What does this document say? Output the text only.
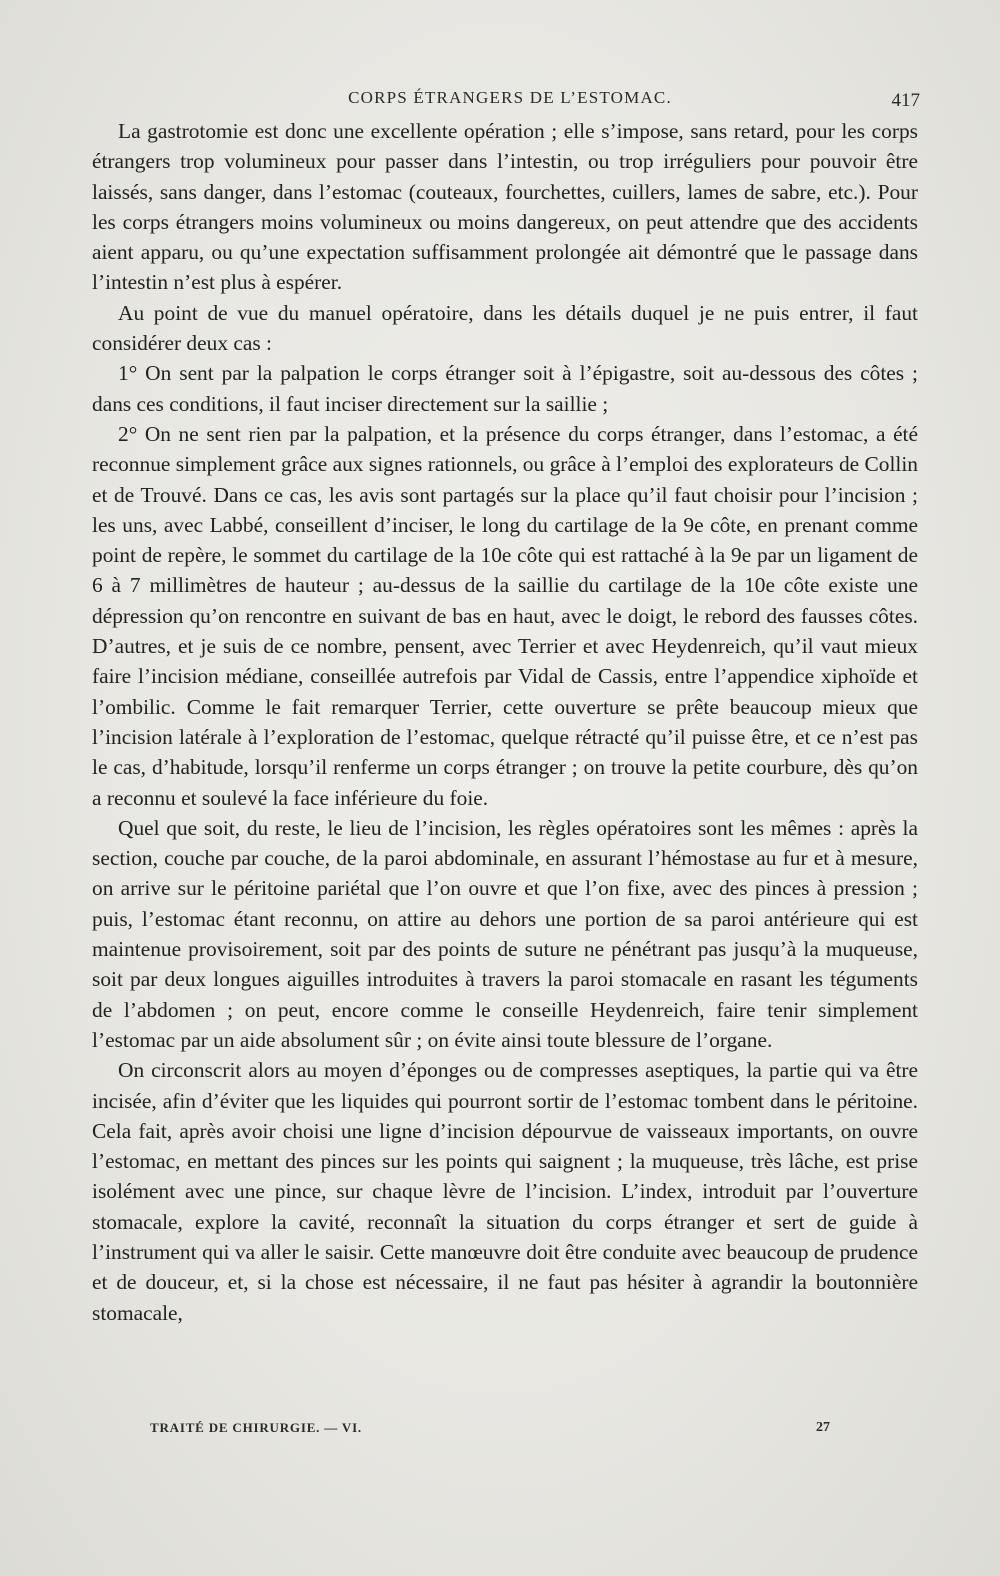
CORPS ÉTRANGERS DE L’ESTOMAC.	417

La gastrotomie est donc une excellente opération ; elle s’impose, sans retard, pour les corps étrangers trop volumineux pour passer dans l’intestin, ou trop irréguliers pour pouvoir être laissés, sans danger, dans l’estomac (couteaux, fourchettes, cuillers, lames de sabre, etc.). Pour les corps étrangers moins volumineux ou moins dangereux, on peut attendre que des accidents aient apparu, ou qu’une expectation suffisamment prolongée ait démontré que le passage dans l’intestin n’est plus à espérer.

Au point de vue du manuel opératoire, dans les détails duquel je ne puis entrer, il faut considérer deux cas :

1° On sent par la palpation le corps étranger soit à l’épigastre, soit au-dessous des côtes ; dans ces conditions, il faut inciser directement sur la saillie ;

2° On ne sent rien par la palpation, et la présence du corps étranger, dans l’estomac, a été reconnue simplement grâce aux signes rationnels, ou grâce à l’emploi des explorateurs de Collin et de Trouvé. Dans ce cas, les avis sont partagés sur la place qu’il faut choisir pour l’incision ; les uns, avec Labbé, conseillent d’inciser, le long du cartilage de la 9e côte, en prenant comme point de repère, le sommet du cartilage de la 10e côte qui est rattaché à la 9e par un ligament de 6 à 7 millimètres de hauteur ; au-dessus de la saillie du cartilage de la 10e côte existe une dépression qu’on rencontre en suivant de bas en haut, avec le doigt, le rebord des fausses côtes. D’autres, et je suis de ce nombre, pensent, avec Terrier et avec Heydenreich, qu’il vaut mieux faire l’incision médiane, conseillée autrefois par Vidal de Cassis, entre l’appendice xiphoïde et l’ombilic. Comme le fait remarquer Terrier, cette ouverture se prête beaucoup mieux que l’incision latérale à l’exploration de l’estomac, quelque rétracté qu’il puisse être, et ce n’est pas le cas, d’habitude, lorsqu’il renferme un corps étranger ; on trouve la petite courbure, dès qu’on a reconnu et soulevé la face inférieure du foie.

Quel que soit, du reste, le lieu de l’incision, les règles opératoires sont les mêmes : après la section, couche par couche, de la paroi abdominale, en assurant l’hémostase au fur et à mesure, on arrive sur le péritoine pariétal que l’on ouvre et que l’on fixe, avec des pinces à pression ; puis, l’estomac étant reconnu, on attire au dehors une portion de sa paroi antérieure qui est maintenue provisoirement, soit par des points de suture ne pénétrant pas jusqu’à la muqueuse, soit par deux longues aiguilles introduites à travers la paroi stomacale en rasant les téguments de l’abdomen ; on peut, encore comme le conseille Heydenreich, faire tenir simplement l’estomac par un aide absolument sûr ; on évite ainsi toute blessure de l’organe.

On circonscrit alors au moyen d’éponges ou de compresses aseptiques, la partie qui va être incisée, afin d’éviter que les liquides qui pourront sortir de l’estomac tombent dans le péritoine. Cela fait, après avoir choisi une ligne d’incision dépourvue de vaisseaux importants, on ouvre l’estomac, en mettant des pinces sur les points qui saignent ; la muqueuse, très lâche, est prise isolément avec une pince, sur chaque lèvre de l’incision. L’index, introduit par l’ouverture stomacale, explore la cavité, reconnaît la situation du corps étranger et sert de guide à l’instrument qui va aller le saisir. Cette manœuvre doit être conduite avec beaucoup de prudence et de douceur, et, si la chose est nécessaire, il ne faut pas hésiter à agrandir la boutonnière stomacale,

TRAITÉ DE CHIRURGIE. — VI.	27
